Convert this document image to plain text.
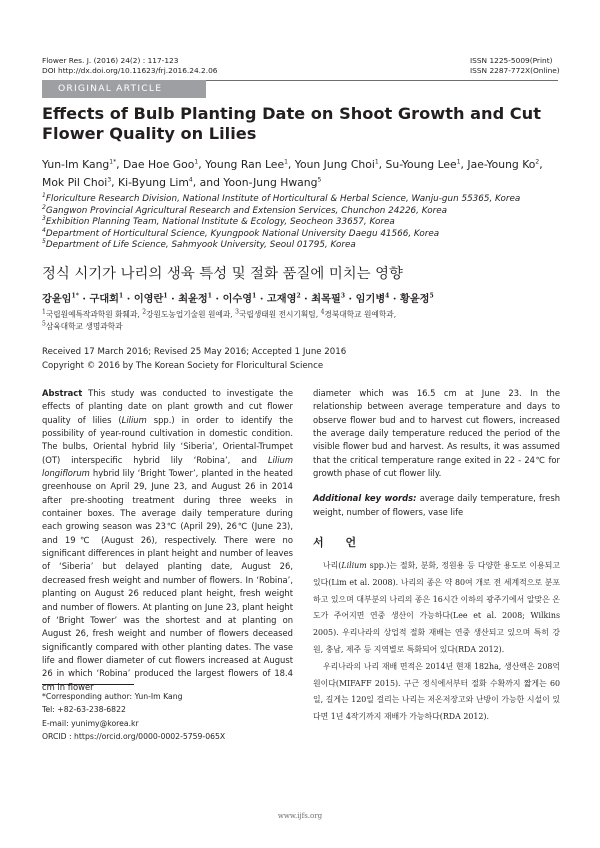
Flower Res. J. (2016) 24(2) : 117-123
DOI http://dx.doi.org/10.11623/frj.2016.24.2.06
ISSN 1225-5009(Print)
ISSN 2287-772X(Online)
ORIGINAL ARTICLE
Effects of Bulb Planting Date on Shoot Growth and Cut Flower Quality on Lilies
Yun-Im Kang$^{1*}$, Dae Hoe Goo$^1$, Young Ran Lee$^1$, Youn Jung Choi$^1$, Su-Young Lee$^1$, Jae-Young Ko$^2$, Mok Pil Choi$^3$, Ki-Byung Lim$^4$, and Yoon-Jung Hwang$^5$
$^1$Floriculture Research Division, National Institute of Horticultural & Herbal Science, Wanju-gun 55365, Korea
$^2$Gangwon Provincial Agricultural Research and Extension Services, Chunchon 24226, Korea
$^3$Exhibition Planning Team, National Institute & Ecology, Seocheon 33657, Korea
$^4$Department of Horticultural Science, Kyungpook National University Daegu 41566, Korea
$^5$Department of Life Science, Sahmyook University, Seoul 01795, Korea
정식 시기가 나리의 생육 특성 및 절화 품질에 미치는 영향
강윤임$^{1*}$ · 구대회$^1$ · 이영란$^1$ · 최윤정$^1$ · 이수영$^1$ · 고재영$^2$ · 최목필$^3$ · 임기병$^4$ · 황윤정$^5$
$^1$국립원예특작과학원 화훼과, $^2$강원도농업기술원 원예과, $^3$국립생태원 전시기획팀, $^4$경북대학교 원예학과,
$^5$삼육대학교 생명과학과
Received 17 March 2016; Revised 25 May 2016; Accepted 1 June 2016
Copyright © 2016 by The Korean Society for Floricultural Science
Abstract This study was conducted to investigate the effects of planting date on plant growth and cut flower quality of lilies (Lilium spp.) in order to identify the possibility of year-round cultivation in domestic condition. The bulbs, Oriental hybrid lily ‘Siberia’, Oriental-Trumpet (OT) interspecific hybrid lily ‘Robina’, and Lilium longiflorum hybrid lily ‘Bright Tower’, planted in the heated greenhouse on April 29, June 23, and August 26 in 2014 after pre-shooting treatment during three weeks in container boxes. The average daily temperature during each growing season was 23℃ (April 29), 26℃ (June 23), and 19℃ (August 26), respectively. There were no significant differences in plant height and number of leaves of ‘Siberia’ but delayed planting date, August 26, decreased fresh weight and number of flowers. In ‘Robina’, planting on August 26 reduced plant height, fresh weight and number of flowers. At planting on June 23, plant height of ‘Bright Tower’ was the shortest and at planting on August 26, fresh weight and number of flowers deceased significantly compared with other planting dates. The vase life and flower diameter of cut flowers increased at August 26 in which ‘Robina’ produced the largest flowers of 18.4 cm in flower
diameter which was 16.5 cm at June 23. In the relationship between average temperature and days to observe flower bud and to harvest cut flowers, increased the average daily temperature reduced the period of the visible flower bud and harvest. As results, it was assumed that the critical temperature range exited in 22 - 24℃ for growth phase of cut flower lily.
Additional key words: average daily temperature, fresh weight, number of flowers, vase life
서 언

나리(Lilium spp.)는 절화, 분화, 정원용 등 다양한 용도로 이용되고 있다(Lim et al. 2008). 나리의 종은 약 80여 개로 전 세계적으로 분포하고 있으며 대부분의 나리의 종은 16시간 이하의 광주기에서 알맞은 온도가 주어지면 연중 생산이 가능하다(Lee et al. 2008; Wilkins 2005). 우리나라의 상업적 절화 재배는 연중 생산되고 있으며 특히 강원, 충남, 제주 등 지역별로 특화되어 있다(RDA 2012).

우리나라의 나리 재배 면적은 2014년 현재 182ha, 생산액은 208억원이다(MIFAFF 2015). 구근 정식에서부터 절화 수확까지 짧게는 60일, 길게는 120일 걸리는 나리는 저온저장고와 난방이 가능한 시설이 있다면 1년 4작기까지 재배가 가능하다(RDA 2012).

*Corresponding author: Yun-Im Kang
Tel: +82-63-238-6822
E-mail: yunimy@korea.kr
ORCID : https://orcid.org/0000-0002-5759-065X
www.ijfs.org
